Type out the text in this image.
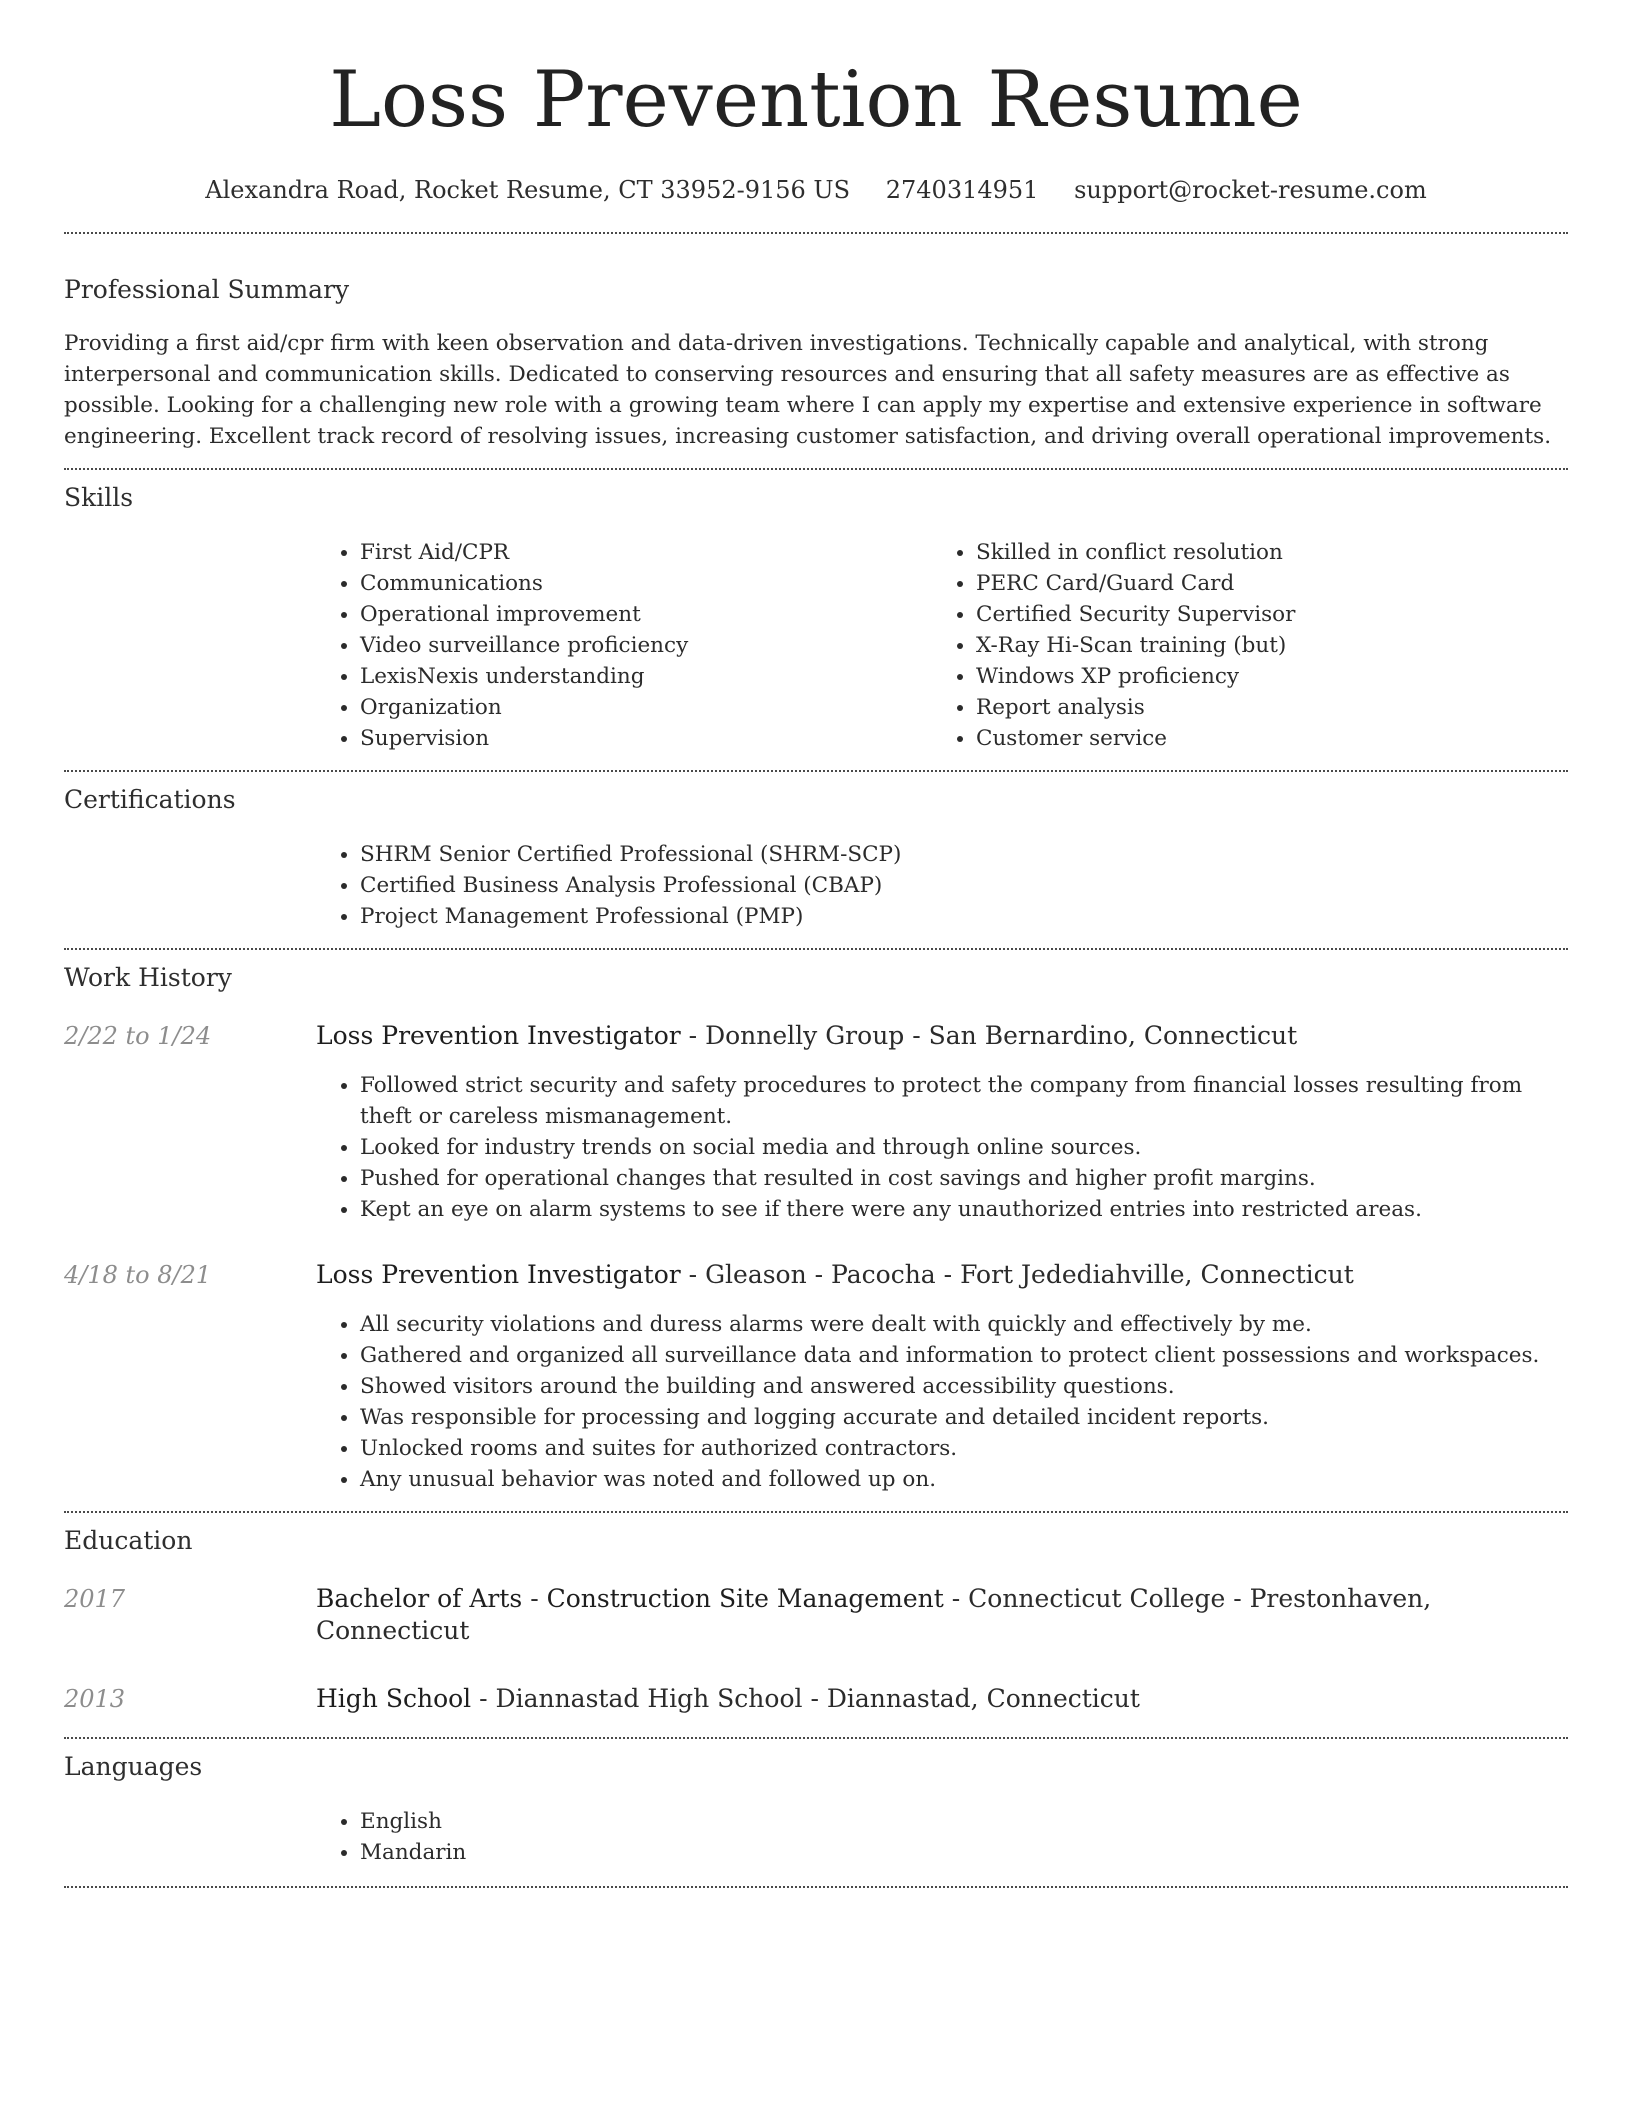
Loss Prevention Resume
Alexandra Road, Rocket Resume, CT 33952-9156 US 2740314951 support@rocket-resume.com
Professional Summary

Providing a first aid/cpr firm with keen observation and data-driven investigations. Technically capable and analytical, with strong interpersonal and communication skills. Dedicated to conserving resources and ensuring that all safety measures are as effective as possible. Looking for a challenging new role with a growing team where I can apply my expertise and extensive experience in software engineering. Excellent track record of resolving issues, increasing customer satisfaction, and driving overall operational improvements.

Skills
• First Aid/CPR
• Communications
• Operational improvement
• Video surveillance proficiency
• LexisNexis understanding
• Organization
• Supervision
• Skilled in conflict resolution
• PERC Card/Guard Card
• Certified Security Supervisor
• X-Ray Hi-Scan training (but)
• Windows XP proficiency
• Report analysis
• Customer service
Certifications
• SHRM Senior Certified Professional (SHRM-SCP)
• Certified Business Analysis Professional (CBAP)
• Project Management Professional (PMP)
Work History
2/22 to 1/24	Loss Prevention Investigator - Donnelly Group - San Bernardino, Connecticut
• Followed strict security and safety procedures to protect the company from financial losses resulting from theft or careless mismanagement.
• Looked for industry trends on social media and through online sources.
• Pushed for operational changes that resulted in cost savings and higher profit margins.
• Kept an eye on alarm systems to see if there were any unauthorized entries into restricted areas.
4/18 to 8/21	Loss Prevention Investigator - Gleason - Pacocha - Fort Jedediahville, Connecticut
• All security violations and duress alarms were dealt with quickly and effectively by me.
• Gathered and organized all surveillance data and information to protect client possessions and workspaces.
• Showed visitors around the building and answered accessibility questions.
• Was responsible for processing and logging accurate and detailed incident reports.
• Unlocked rooms and suites for authorized contractors.
• Any unusual behavior was noted and followed up on.
Education
2017	Bachelor of Arts - Construction Site Management - Connecticut College - Prestonhaven, Connecticut
2013	High School - Diannastad High School - Diannastad, Connecticut
Languages
• English
• Mandarin
